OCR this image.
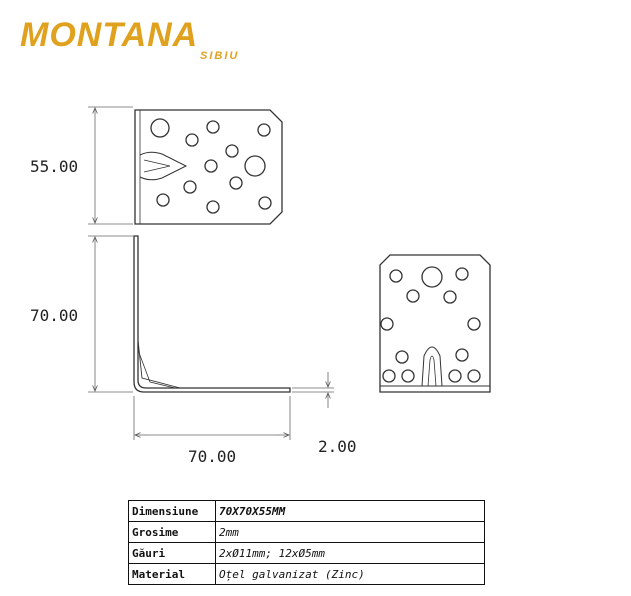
MONTANA
SIBIU
55.00
70.00
70.00
2.00
Dimensiune	70X70X55MM
Grosime	2mm
Găuri	2xØ11mm; 12xØ5mm
Material	Oțel galvanizat (Zinc)
